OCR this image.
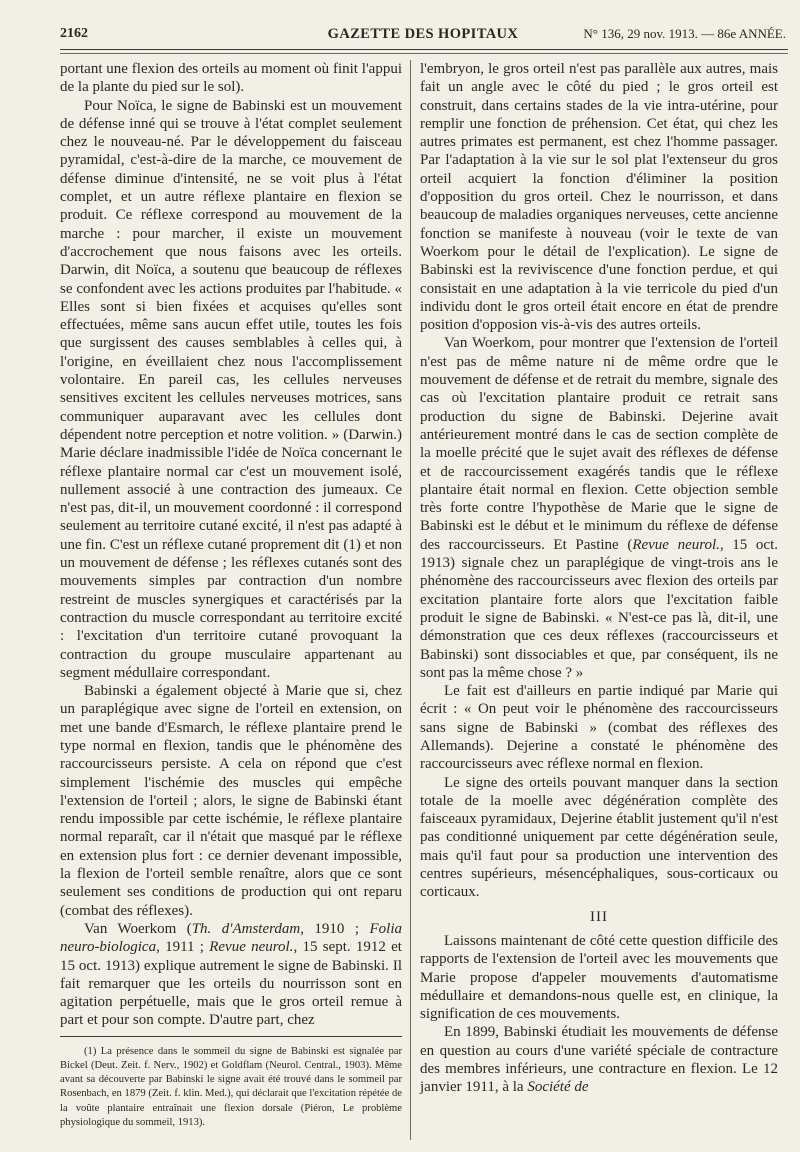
2162	GAZETTE DES HOPITAUX	N° 136, 29 nov. 1913. — 86e ANNÉE.

portant une flexion des orteils au moment où finit l'appui de la plante du pied sur le sol).

Pour Noïca, le signe de Babinski est un mouvement de défense inné qui se trouve à l'état complet seulement chez le nouveau-né. Par le développement du faisceau pyramidal, c'est-à-dire de la marche, ce mouvement de défense diminue d'intensité, ne se voit plus à l'état complet, et un autre réflexe plantaire en flexion se produit. Ce réflexe correspond au mouvement de la marche : pour marcher, il existe un mouvement d'accrochement que nous faisons avec les orteils. Darwin, dit Noïca, a soutenu que beaucoup de réflexes se confondent avec les actions produites par l'habitude. « Elles sont si bien fixées et acquises qu'elles sont effectuées, même sans aucun effet utile, toutes les fois que surgissent des causes semblables à celles qui, à l'origine, en éveillaient chez nous l'accomplissement volontaire. En pareil cas, les cellules nerveuses sensitives excitent les cellules nerveuses motrices, sans communiquer auparavant avec les cellules dont dépendent notre perception et notre volition. » (Darwin.) Marie déclare inadmissible l'idée de Noïca concernant le réflexe plantaire normal car c'est un mouvement isolé, nullement associé à une contraction des jumeaux. Ce n'est pas, dit-il, un mouvement coordonné : il correspond seulement au territoire cutané excité, il n'est pas adapté à une fin. C'est un réflexe cutané proprement dit (1) et non un mouvement de défense ; les réflexes cutanés sont des mouvements simples par contraction d'un nombre restreint de muscles synergiques et caractérisés par la contraction du muscle correspondant au territoire excité : l'excitation d'un territoire cutané provoquant la contraction du groupe musculaire appartenant au segment médullaire correspondant.

Babinski a également objecté à Marie que si, chez un paraplégique avec signe de l'orteil en extension, on met une bande d'Esmarch, le réflexe plantaire prend le type normal en flexion, tandis que le phénomène des raccourcisseurs persiste. A cela on répond que c'est simplement l'ischémie des muscles qui empêche l'extension de l'orteil ; alors, le signe de Babinski étant rendu impossible par cette ischémie, le réflexe plantaire normal reparaît, car il n'était que masqué par le réflexe en extension plus fort : ce dernier devenant impossible, la flexion de l'orteil semble renaître, alors que ce sont seulement ses conditions de production qui ont reparu (combat des réflexes).

Van Woerkom (Th. d'Amsterdam, 1910 ; Folia neuro-biologica, 1911 ; Revue neurol., 15 sept. 1912 et 15 oct. 1913) explique autrement le signe de Babinski. Il fait remarquer que les orteils du nourrisson sont en agitation perpétuelle, mais que le gros orteil remue à part et pour son compte. D'autre part, chez

(1) La présence dans le sommeil du signe de Babinski est signalée par Bickel (Deut. Zeit. f. Nerv., 1902) et Goldflam (Neurol. Central., 1903). Même avant sa découverte par Babinski le signe avait été trouvé dans le sommeil par Rosenbach, en 1879 (Zeit. f. klin. Med.), qui déclarait que l'excitation répétée de la voûte plantaire entraînait une flexion dorsale (Piéron, Le problème physiologique du sommeil, 1913).

l'embryon, le gros orteil n'est pas parallèle aux autres, mais fait un angle avec le côté du pied ; le gros orteil est construit, dans certains stades de la vie intra-utérine, pour remplir une fonction de préhension. Cet état, qui chez les autres primates est permanent, est chez l'homme passager. Par l'adaptation à la vie sur le sol plat l'extenseur du gros orteil acquiert la fonction d'éliminer la position d'opposition du gros orteil. Chez le nourrisson, et dans beaucoup de maladies organiques nerveuses, cette ancienne fonction se manifeste à nouveau (voir le texte de van Woerkom pour le détail de l'explication). Le signe de Babinski est la reviviscence d'une fonction perdue, et qui consistait en une adaptation à la vie terricole du pied d'un individu dont le gros orteil était encore en état de prendre position d'opposion vis-à-vis des autres orteils.

Van Woerkom, pour montrer que l'extension de l'orteil n'est pas de même nature ni de même ordre que le mouvement de défense et de retrait du membre, signale des cas où l'excitation plantaire produit ce retrait sans production du signe de Babinski. Dejerine avait antérieurement montré dans le cas de section complète de la moelle précité que le sujet avait des réflexes de défense et de raccourcissement exagérés tandis que le réflexe plantaire était normal en flexion. Cette objection semble très forte contre l'hypothèse de Marie que le signe de Babinski est le début et le minimum du réflexe de défense des raccourcisseurs. Et Pastine (Revue neurol., 15 oct. 1913) signale chez un paraplégique de vingt-trois ans le phénomène des raccourcisseurs avec flexion des orteils par excitation plantaire forte alors que l'excitation faible produit le signe de Babinski. « N'est-ce pas là, dit-il, une démonstration que ces deux réflexes (raccourcisseurs et Babinski) sont dissociables et que, par conséquent, ils ne sont pas la même chose ? »

Le fait est d'ailleurs en partie indiqué par Marie qui écrit : « On peut voir le phénomène des raccourcisseurs sans signe de Babinski » (combat des réflexes des Allemands). Dejerine a constaté le phénomène des raccourcisseurs avec réflexe normal en flexion.

Le signe des orteils pouvant manquer dans la section totale de la moelle avec dégénération complète des faisceaux pyramidaux, Dejerine établit justement qu'il n'est pas conditionné uniquement par cette dégénération seule, mais qu'il faut pour sa production une intervention des centres supérieurs, mésencéphaliques, sous-corticaux ou corticaux.

III

Laissons maintenant de côté cette question difficile des rapports de l'extension de l'orteil avec les mouvements que Marie propose d'appeler mouvements d'automatisme médullaire et demandons-nous quelle est, en clinique, la signification de ces mouvements.

En 1899, Babinski étudiait les mouvements de défense en question au cours d'une variété spéciale de contracture des membres inférieurs, une contracture en flexion. Le 12 janvier 1911, à la Société de
